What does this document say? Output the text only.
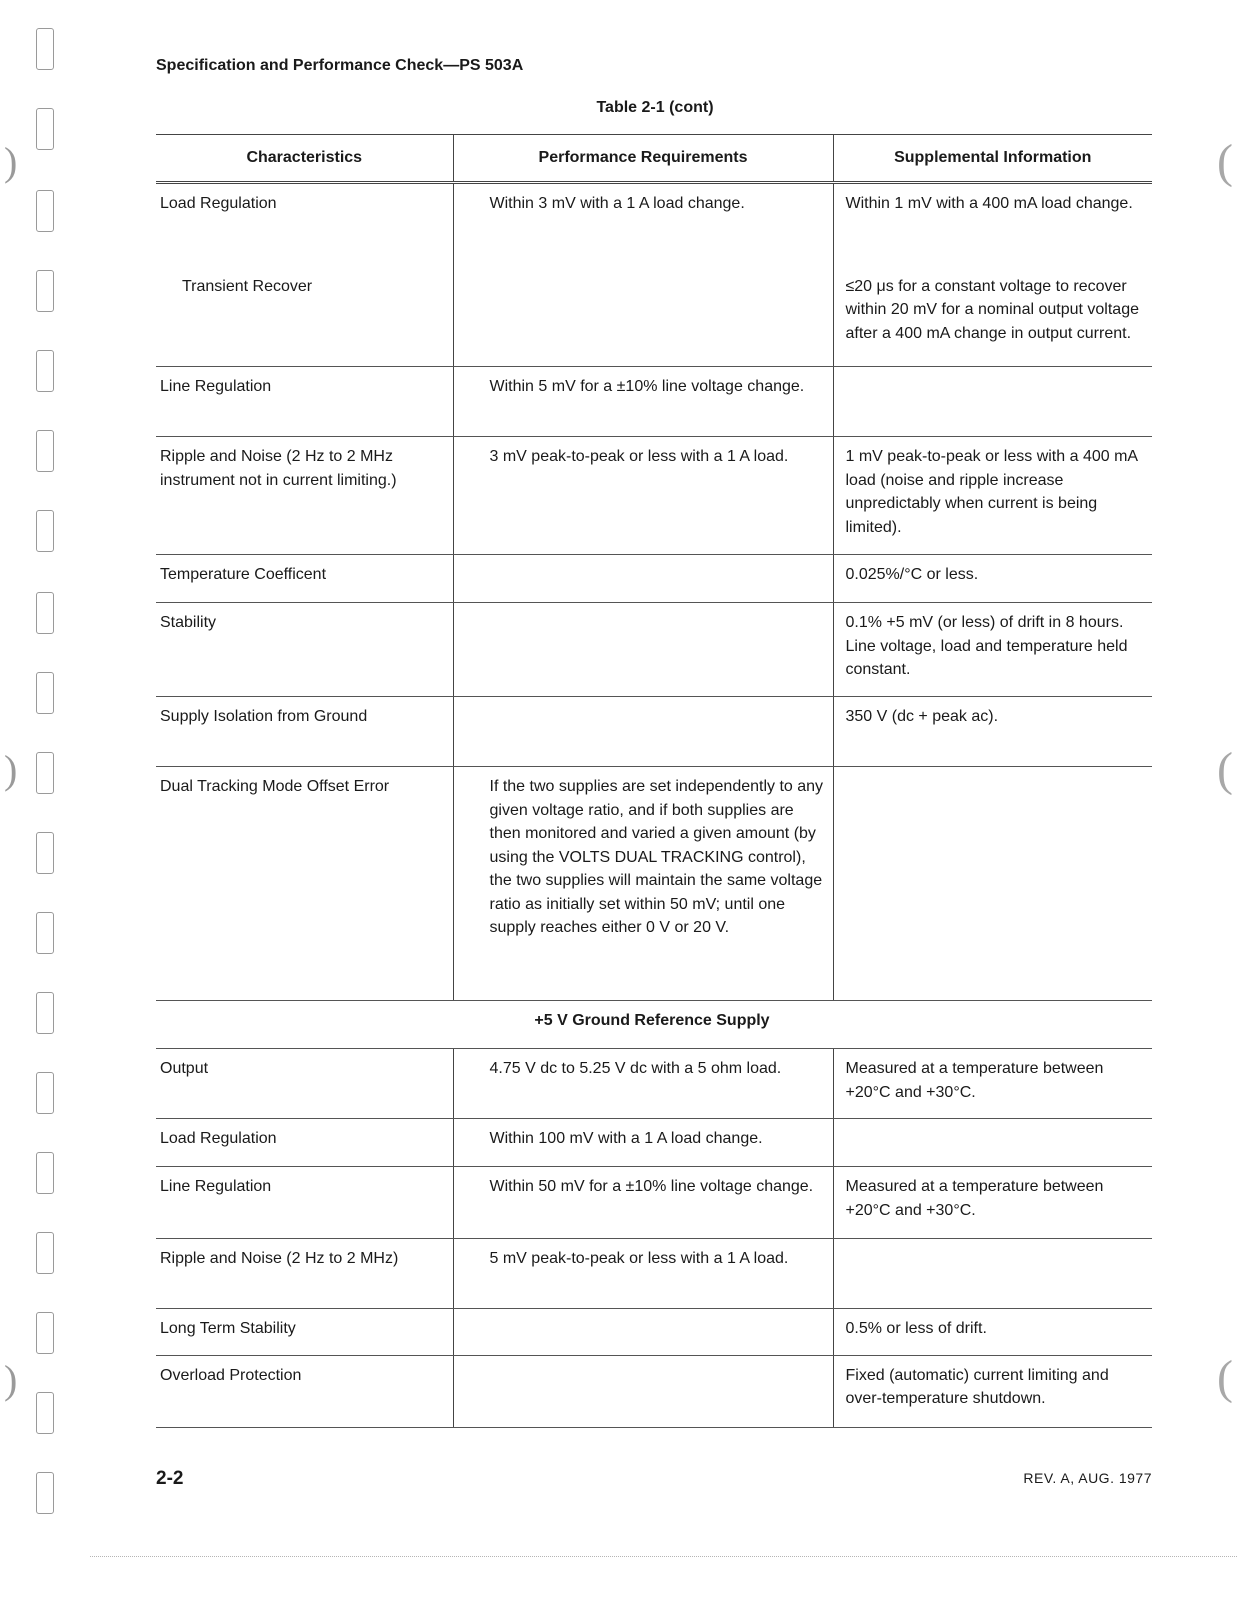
)
)
)
(
(
(
Specification and Performance Check—PS 503A
Table 2-1 (cont)
Characteristics	Performance Requirements	Supplemental Information
Load Regulation	Within 3 mV with a 1 A load change.	Within 1 mV with a 400 mA load change.

Transient Recover		≤20 μs for a constant voltage to recover within 20 mV for a nominal output voltage after a 400 mA change in output current.
Line Regulation	Within 5 mV for a ±10% line voltage change.	
Ripple and Noise (2 Hz to 2 MHz instrument not in current limiting.)	3 mV peak-to-peak or less with a 1 A load.	1 mV peak-to-peak or less with a 400 mA load (noise and ripple increase unpredictably when current is being limited).
Temperature Coefficent		0.025%/°C or less.
Stability		0.1% +5 mV (or less) of drift in 8 hours. Line voltage, load and temperature held constant.
Supply Isolation from Ground		350 V (dc + peak ac).
Dual Tracking Mode Offset Error	If the two supplies are set independently to any given voltage ratio, and if both supplies are then monitored and varied a given amount (by using the VOLTS DUAL TRACKING control), the two supplies will maintain the same voltage ratio as initially set within 50 mV; until one supply reaches either 0 V or 20 V.	
+5 V Ground Reference Supply		
Output	4.75 V dc to 5.25 V dc with a 5 ohm load.	Measured at a temperature between +20°C and +30°C.
Load Regulation	Within 100 mV with a 1 A load change.	
Line Regulation	Within 50 mV for a ±10% line voltage change.	Measured at a temperature between +20°C and +30°C.
Ripple and Noise (2 Hz to 2 MHz)	5 mV peak-to-peak or less with a 1 A load.	
Long Term Stability		0.5% or less of drift.
Overload Protection		Fixed (automatic) current limiting and over-temperature shutdown.
2-2	REV. A, AUG. 1977
